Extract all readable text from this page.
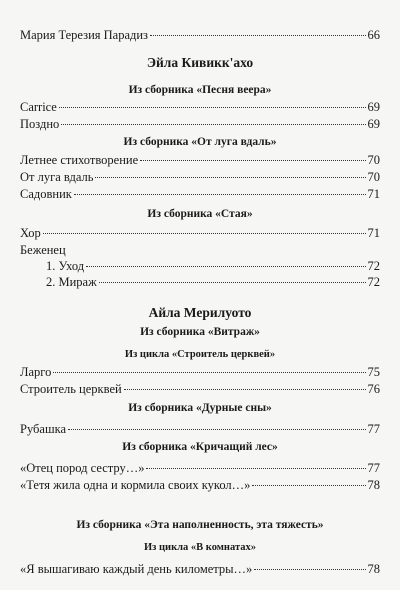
Мария Терезия Парадиз	66
Эйла Кивикк'ахо
Из сборника «Песня веера»
Carrice	69
Поздно	69
Из сборника «От луга вдаль»
Летнее стихотворение	70
От луга вдаль	70
Садовник	71
Из сборника «Стая»
Хор	71
Беженец
1. Уход	72
2. Мираж	72
Айла Мерилуото
Из сборника «Витраж»
Из цикла «Строитель церквей»
Ларго	75
Строитель церквей	76
Из сборника «Дурные сны»
Рубашка	77
Из сборника «Кричащий лес»
«Отец пород сестру…»	77
«Тетя жила одна и кормила своих кукол…»	78
Из сборника «Эта наполненность, эта тяжесть»
Из цикла «В комнатах»
«Я вышагиваю каждый день километры…»	78
